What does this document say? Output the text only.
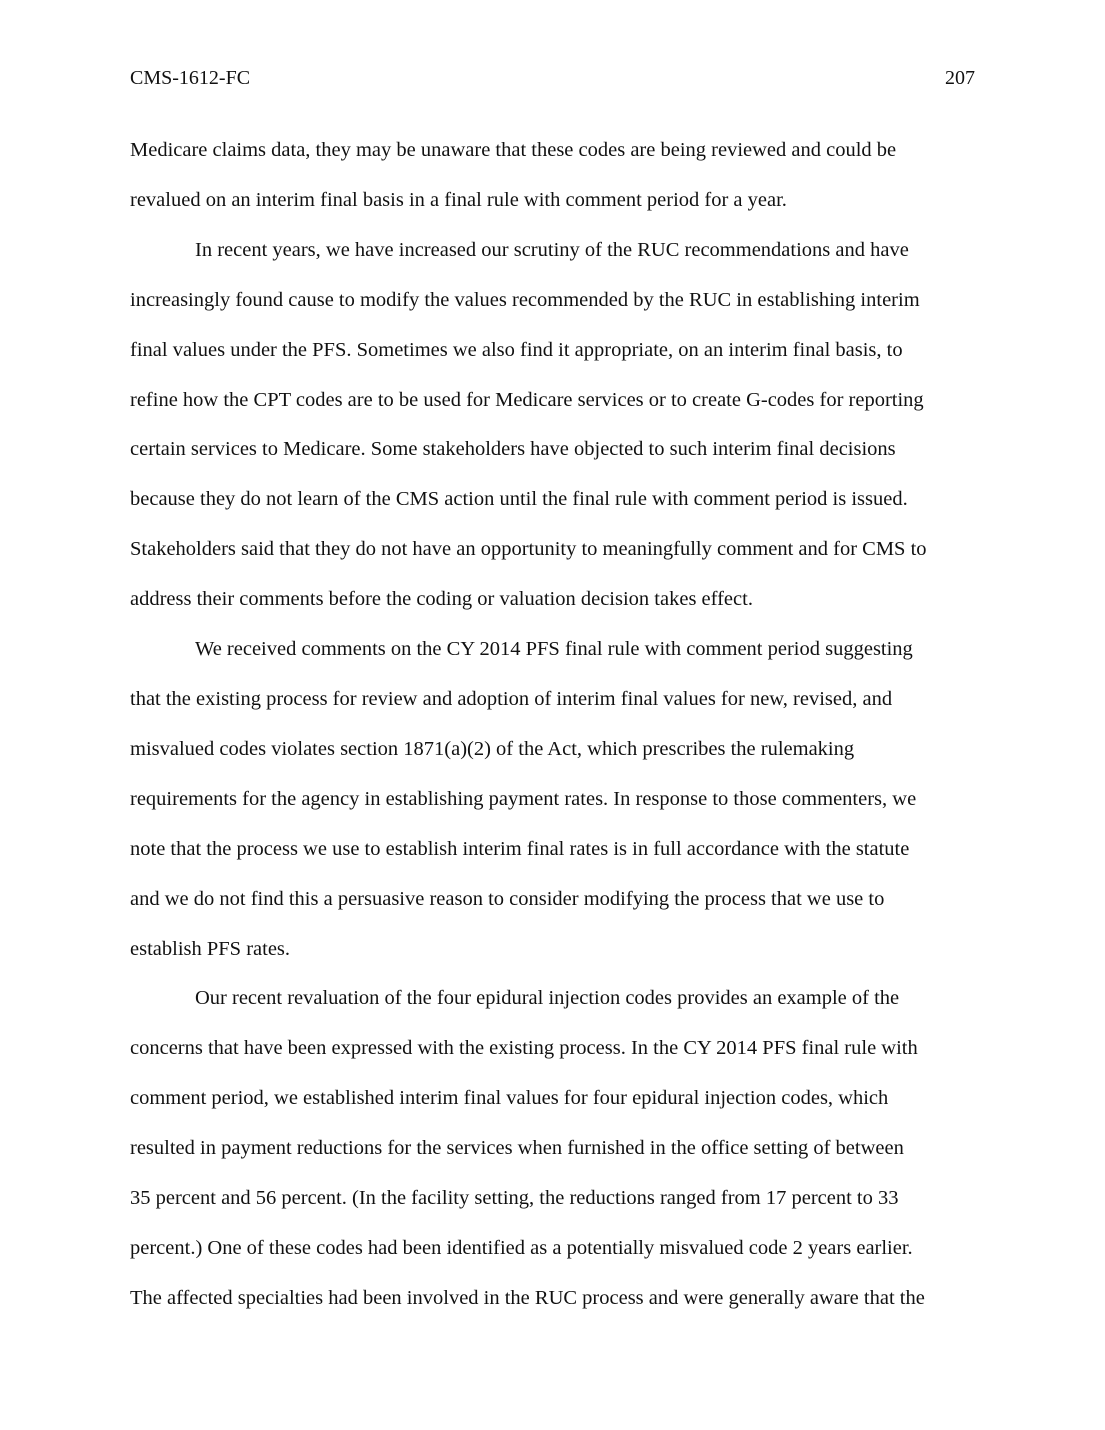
CMS-1612-FC	207

Medicare claims data, they may be unaware that these codes are being reviewed and could be
revalued on an interim final basis in a final rule with comment period for a year.

In recent years, we have increased our scrutiny of the RUC recommendations and have
increasingly found cause to modify the values recommended by the RUC in establishing interim
final values under the PFS. Sometimes we also find it appropriate, on an interim final basis, to
refine how the CPT codes are to be used for Medicare services or to create G-codes for reporting
certain services to Medicare. Some stakeholders have objected to such interim final decisions
because they do not learn of the CMS action until the final rule with comment period is issued.
Stakeholders said that they do not have an opportunity to meaningfully comment and for CMS to
address their comments before the coding or valuation decision takes effect.

We received comments on the CY 2014 PFS final rule with comment period suggesting
that the existing process for review and adoption of interim final values for new, revised, and
misvalued codes violates section 1871(a)(2) of the Act, which prescribes the rulemaking
requirements for the agency in establishing payment rates. In response to those commenters, we
note that the process we use to establish interim final rates is in full accordance with the statute
and we do not find this a persuasive reason to consider modifying the process that we use to
establish PFS rates.

Our recent revaluation of the four epidural injection codes provides an example of the
concerns that have been expressed with the existing process. In the CY 2014 PFS final rule with
comment period, we established interim final values for four epidural injection codes, which
resulted in payment reductions for the services when furnished in the office setting of between
35 percent and 56 percent. (In the facility setting, the reductions ranged from 17 percent to 33
percent.) One of these codes had been identified as a potentially misvalued code 2 years earlier.
The affected specialties had been involved in the RUC process and were generally aware that the
